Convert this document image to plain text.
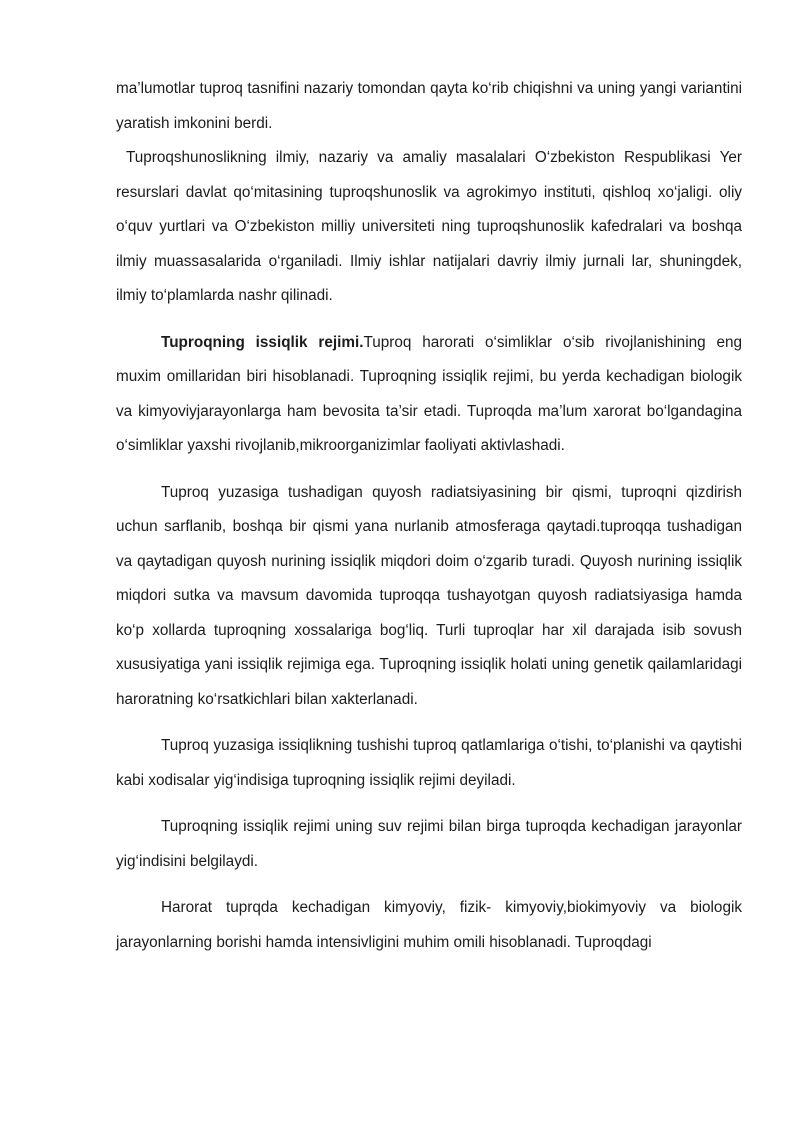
ma’lumotlar tuproq tasnifini nazariy tomondan qayta ko‘rib chiqishni va uning yangi variantini yaratish imkonini berdi.

Tuproqshunoslikning ilmiy, nazariy va amaliy masalalari O‘zbekiston Respublikasi Yer resurslari davlat qo‘mitasining tuproqshunoslik va agrokimyo instituti, qishloq xo‘jaligi. oliy o‘quv yurtlari va O‘zbekiston milliy universiteti ning tuproqshunoslik kafedralari va boshqa ilmiy muassasalarida o‘rganiladi. Ilmiy ishlar natijalari davriy ilmiy jurnali lar, shuningdek, ilmiy to‘plamlarda nashr qilinadi.

Tuproqning issiqlik rejimi.Tuproq harorati o‘simliklar o‘sib rivojlanishining eng muxim omillaridan biri hisoblanadi. Tuproqning issiqlik rejimi, bu yerda kechadigan biologik va kimyoviyjarayonlarga ham bevosita ta’sir etadi. Tuproqda ma’lum xarorat bo‘lgandagina o‘simliklar yaxshi rivojlanib,mikroorganizimlar faoliyati aktivlashadi.

Tuproq yuzasiga tushadigan quyosh radiatsiyasining bir qismi, tuproqni qizdirish uchun sarflanib, boshqa bir qismi yana nurlanib atmosferaga qaytadi.tuproqqa tushadigan va qaytadigan quyosh nurining issiqlik miqdori doim o‘zgarib turadi. Quyosh nurining issiqlik miqdori sutka va mavsum davomida tuproqqa tushayotgan quyosh radiatsiyasiga hamda ko‘p xollarda tuproqning xossalariga bog‘liq. Turli tuproqlar har xil darajada isib sovush xususiyatiga yani issiqlik rejimiga ega. Tuproqning issiqlik holati uning genetik qailamlaridagi haroratning ko‘rsatkichlari bilan xakterlanadi.

Tuproq yuzasiga issiqlikning tushishi tuproq qatlamlariga o‘tishi, to‘planishi va qaytishi kabi xodisalar yig‘indisiga tuproqning issiqlik rejimi deyiladi.

Tuproqning issiqlik rejimi uning suv rejimi bilan birga tuproqda kechadigan jarayonlar yig‘indisini belgilaydi.

Harorat tuprqda kechadigan kimyoviy, fizik- kimyoviy,biokimyoviy va biologik jarayonlarning borishi hamda intensivligini muhim omili hisoblanadi. Tuproqdagi
